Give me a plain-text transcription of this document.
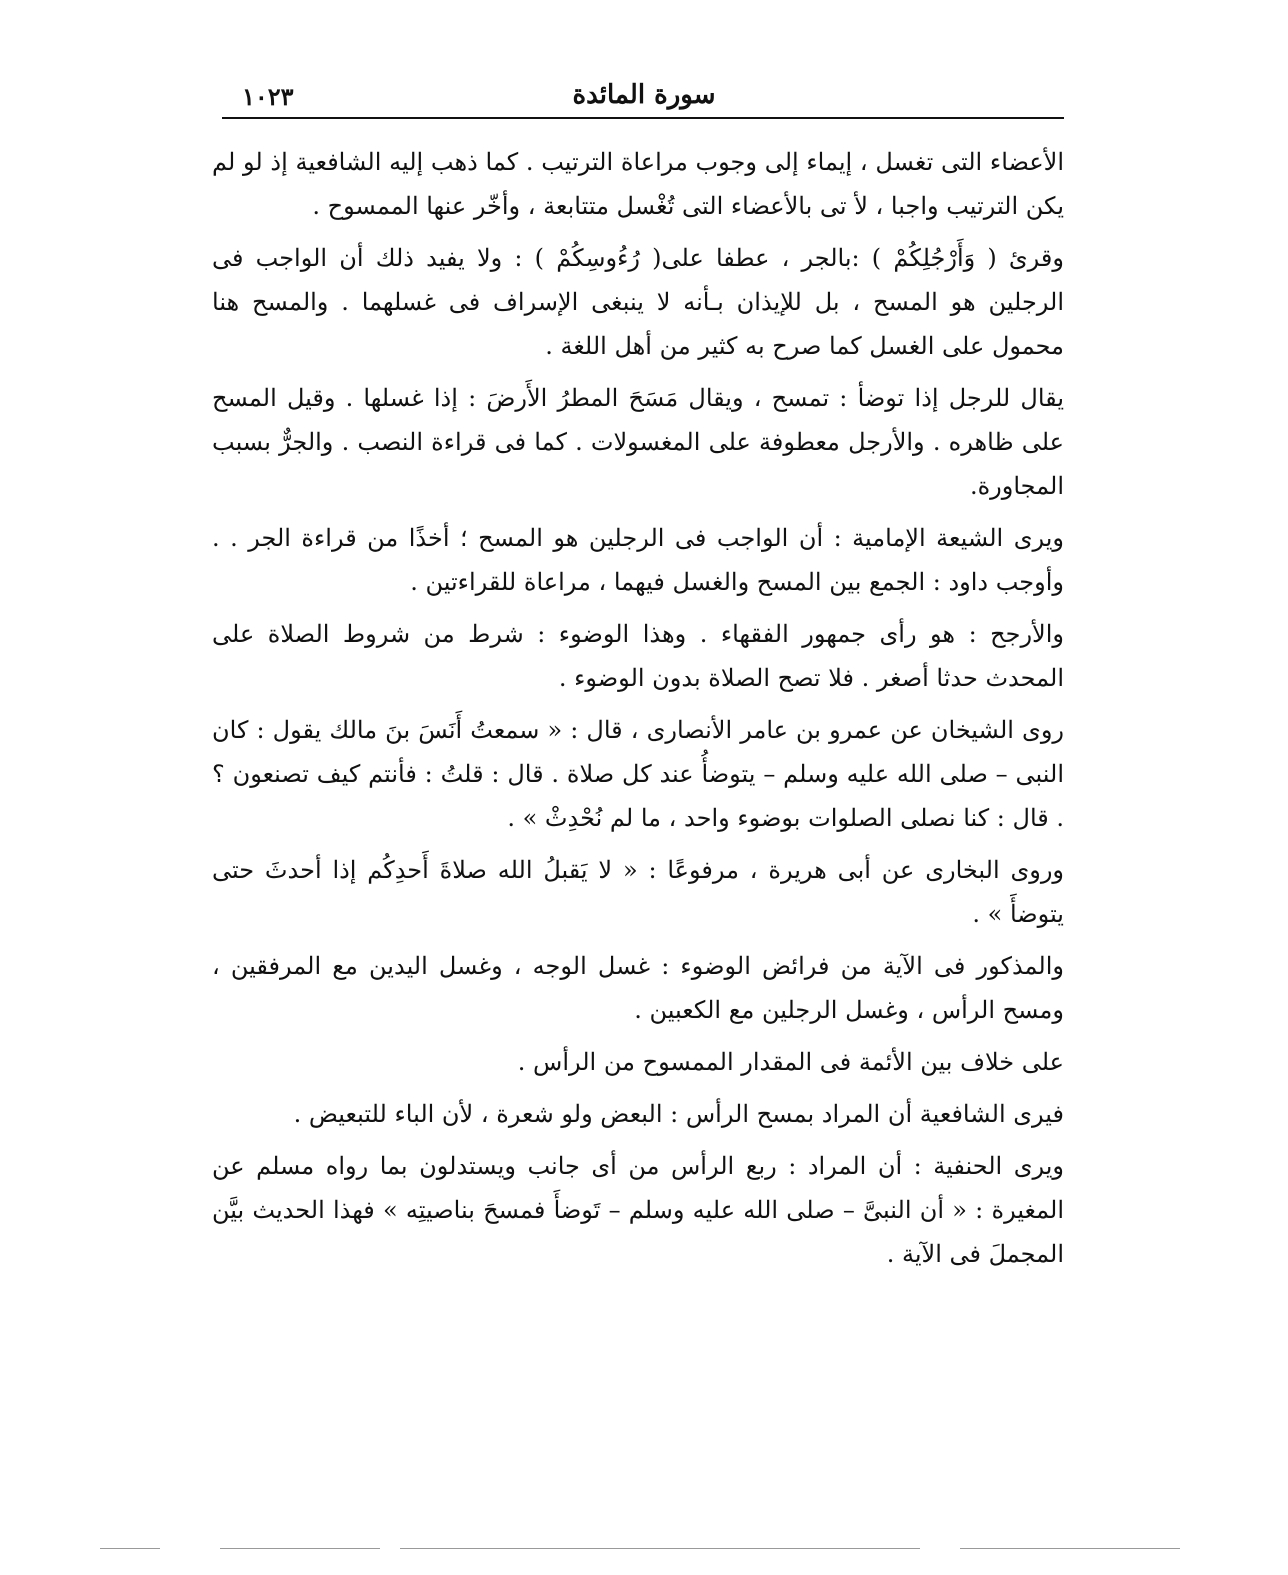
سورة المائدة
١٠٢٣

الأعضاء التى تغسل ، إيماء إلى وجوب مراعاة الترتيب . كما ذهب إليه الشافعية إذ لو لم يكن الترتيب واجبا ، لأ تى بالأعضاء التى تُغْسل متتابعة ، وأخّر عنها الممسوح .

وقرئ ( وَأَرْجُلِكُمْ ) :بالجر ، عطفا على( رُءُوسِكُمْ ) : ولا يفيد ذلك أن الواجب فى الرجلين هو المسح ، بل للإيذان بـأنه لا ينبغى الإسراف فى غسلهما . والمسح هنا محمول على الغسل كما صرح به كثير من أهل اللغة .

يقال للرجل إذا توضأ : تمسح ، ويقال مَسَحَ المطرُ الأَرضَ : إذا غسلها . وقيل المسح على ظاهره . والأرجل معطوفة على المغسولات . كما فى قراءة النصب . والجرٌّ بسبب المجاورة.

ويرى الشيعة الإمامية : أن الواجب فى الرجلين هو المسح ؛ أخذًا من قراءة الجر . . وأوجب داود : الجمع بين المسح والغسل فيهما ، مراعاة للقراءتين .

والأرجح : هو رأى جمهور الفقهاء . وهذا الوضوء : شرط من شروط الصلاة على المحدث حدثا أصغر . فلا تصح الصلاة بدون الوضوء .

روى الشيخان عن عمرو بن عامر الأنصارى ، قال : « سمعتُ أَنَسَ بنَ مالك يقول : كان النبى – صلى الله عليه وسلم – يتوضأُ عند كل صلاة . قال : قلتُ : فأنتم كيف تصنعون ؟ . قال : كنا نصلى الصلوات بوضوء واحد ، ما لم نُحْدِثْ » .

وروى البخارى عن أبى هريرة ، مرفوعًا : « لا يَقبلُ الله صلاةَ أَحدِكُم إذا أحدثَ حتى يتوضأَ » .

والمذكور فى الآية من فرائض الوضوء : غسل الوجه ، وغسل اليدين مع المرفقين ، ومسح الرأس ، وغسل الرجلين مع الكعبين .

على خلاف بين الأئمة فى المقدار الممسوح من الرأس .

فيرى الشافعية أن المراد بمسح الرأس : البعض ولو شعرة ، لأن الباء للتبعيض .

ويرى الحنفية : أن المراد : ربع الرأس من أى جانب ويستدلون بما رواه مسلم عن المغيرة : « أن النبىَّ – صلى الله عليه وسلم – تَوضأَ فمسحَ بناصيتِه » فهذا الحديث بيَّن المجملَ فى الآية .
